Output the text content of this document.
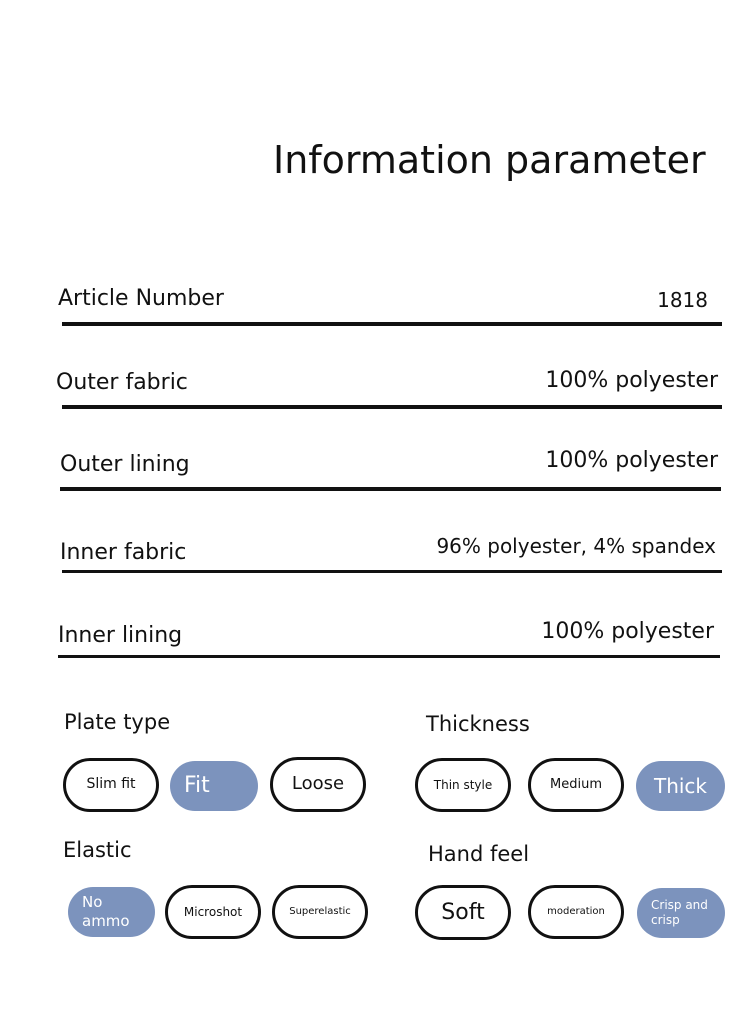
Information parameter
Article Number	1818
Outer fabric	100% polyester
Outer lining	100% polyester
Inner fabric	96% polyester, 4% spandex
Inner lining	100% polyester
Plate type
Slim fit Fit	Loose
Thickness
Thin style	Medium	Thick
Elastic
No ammo
Microshot	Superelastic
Hand feel
Soft	moderation	Crisp and crisp
